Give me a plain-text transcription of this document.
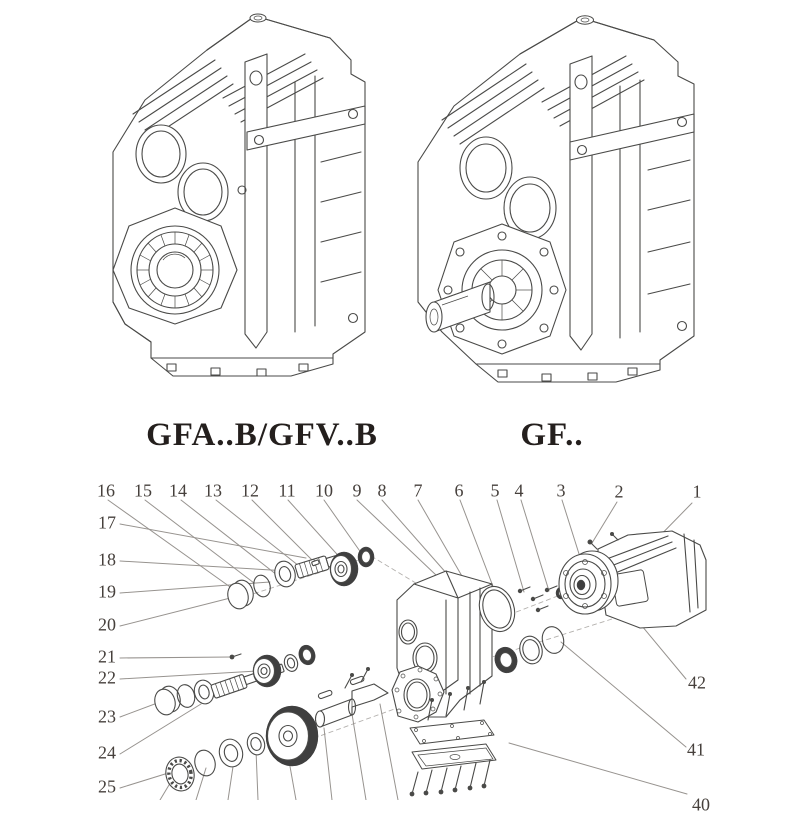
GFA..B/GFV..B	GF..
16 15 14 13 12 11 10 9 8 7 6 5 4 3	2	1
17
18
19
20
21
22
23
24
25
42
41
40
